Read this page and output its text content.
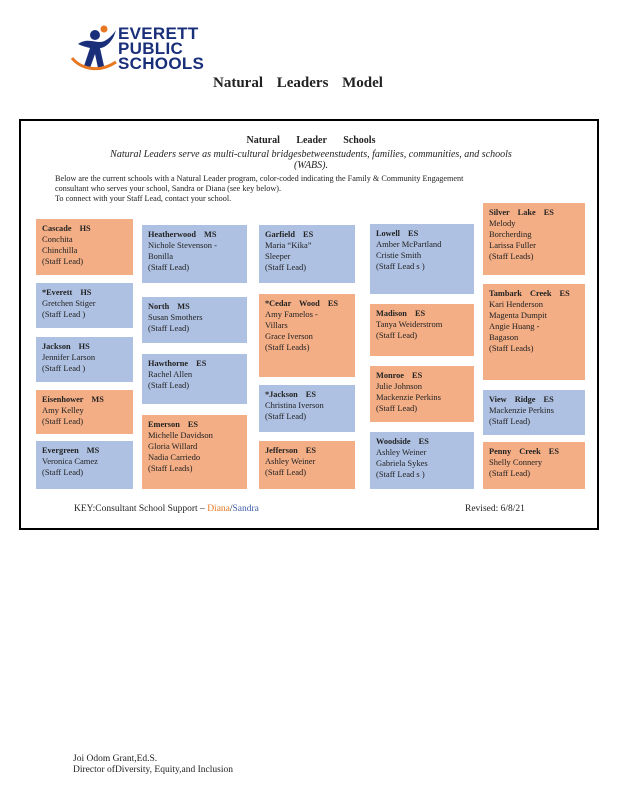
EVERETT
PUBLIC
SCHOOLS
Natural Leaders Model
Natural Leader Schools
Natural Leaders serve as multi-cultural bridgesbetweenstudents, families, communities, and schools (WABS).
Below are the current schools with a Natural Leader program, color-coded indicating the Family & Community Engagement consultant who serves your school, Sandra or Diana (see key below).
To connect with your Staff Lead, contact your school.
Cascade HS
Conchita
Chinchilla
(Staff Lead)
*Everett HS
Gretchen Stiger
(Staff Lead )
Jackson HS
Jennifer Larson
(Staff Lead )
Eisenhower MS
Amy Kelley
(Staff Lead)
Evergreen MS
Veronica Camez
(Staff Lead)
Heatherwood MS
Nichole Stevenson -
Bonilla
(Staff Lead)
North MS
Susan Smothers
(Staff Lead)
Hawthorne ES
Rachel Allen
(Staff Lead)
Emerson ES
Michelle Davidson
Gloria Willard
Nadia Carriedo
(Staff Leads)
Garfield ES
Maria “Kika”
Sleeper
(Staff Lead)
*Cedar Wood ES
Amy Famelos -
Villars
Grace Iverson
(Staff Leads)
*Jackson ES
Christina Iverson
(Staff Lead)
Jefferson ES
Ashley Weiner
(Staff Lead)
Lowell ES
Amber McPartland
Cristie Smith
(Staff Lead s )
Madison ES
Tanya Weiderstrom
(Staff Lead)
Monroe ES
Julie Johnson
Mackenzie Perkins
(Staff Lead)
Woodside ES
Ashley Weiner
Gabriela Sykes
(Staff Lead s )
Silver Lake ES
Melody
Borcherding
Larissa Fuller
(Staff Leads)
Tambark Creek ES
Kari Henderson
Magenta Dumpit
Angie Huang -
Bagason
(Staff Leads)
View Ridge ES
Mackenzie Perkins
(Staff Lead)
Penny Creek ES
Shelly Connery
(Staff Lead)
KEY:Consultant School Support – Diana/Sandra	Revised: 6/8/21
Joi Odom Grant,Ed.S.
Director ofDiversity, Equity,and Inclusion
